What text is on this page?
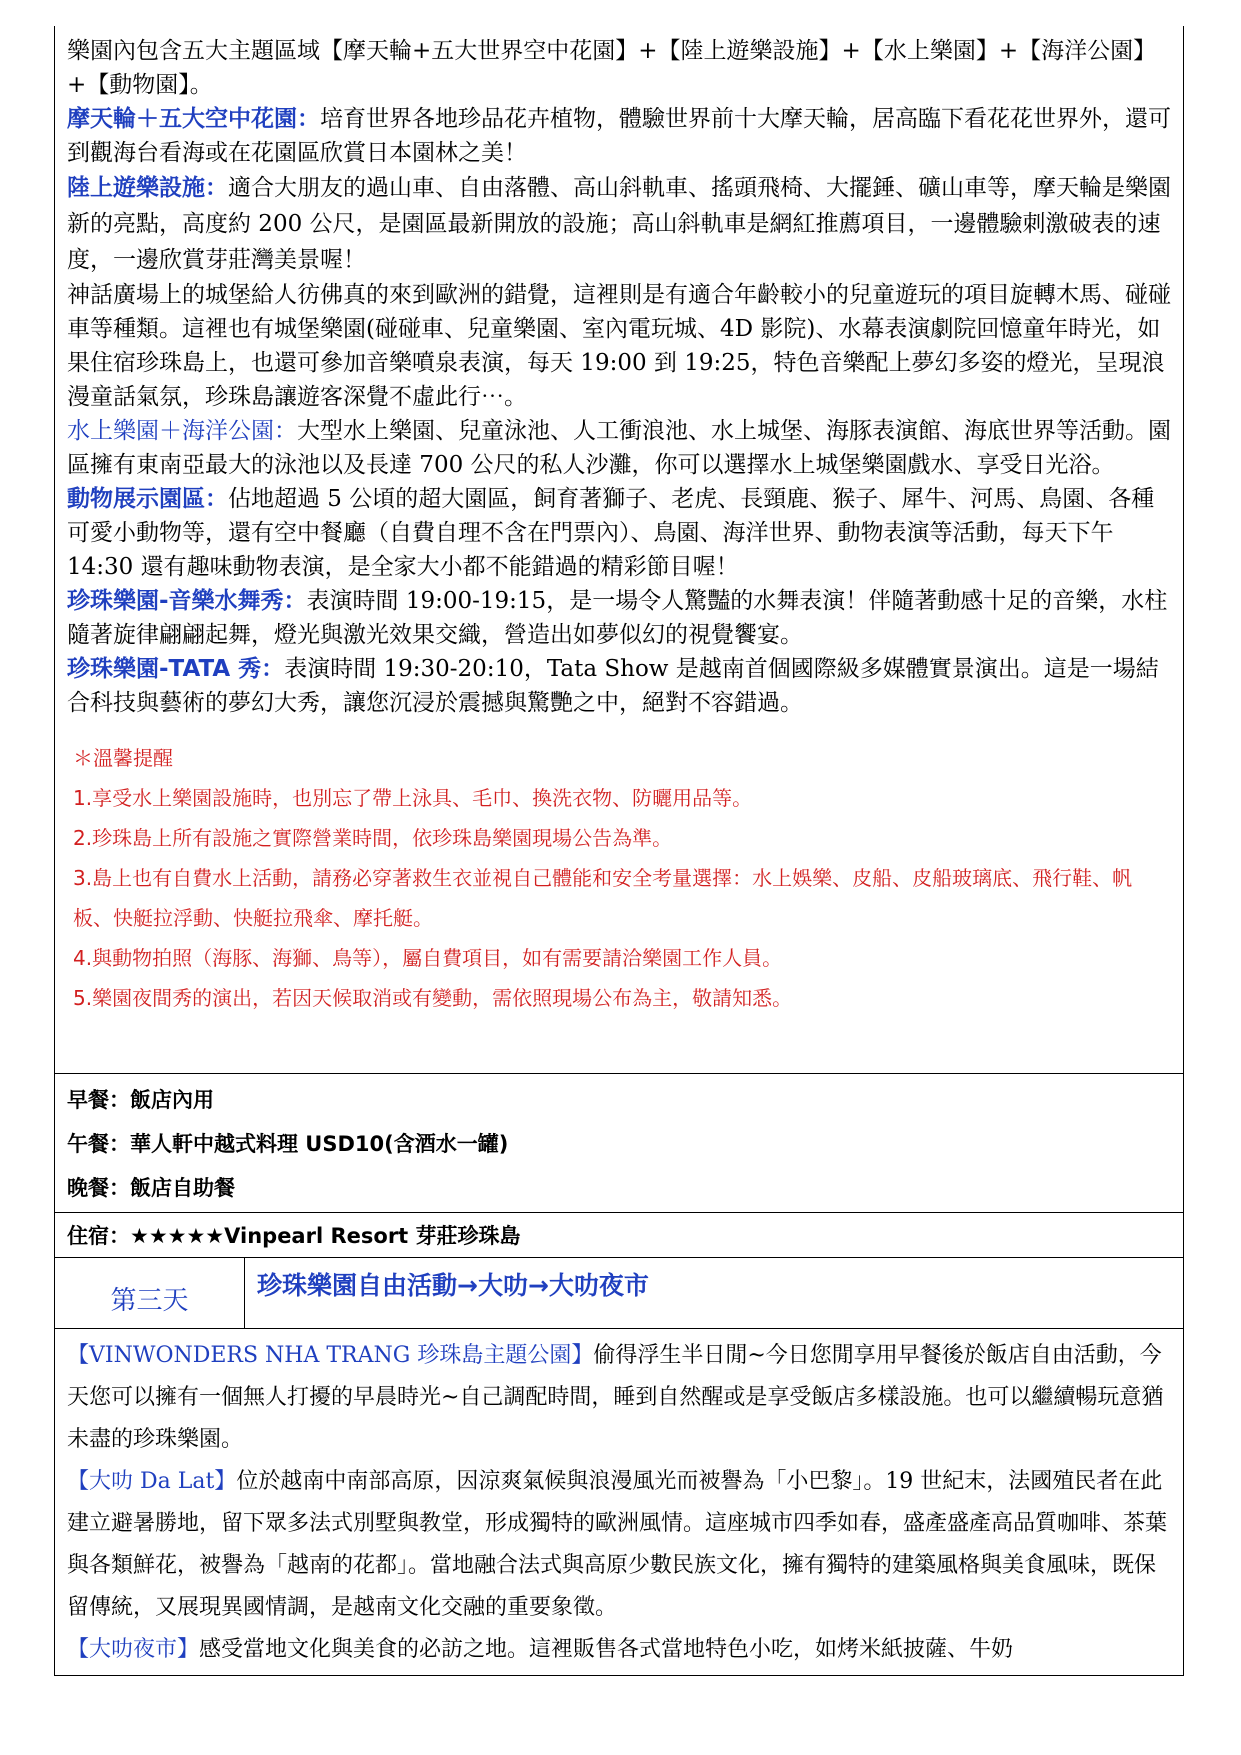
樂園內包含五大主題區域【摩天輪+五大世界空中花園】+【陸上遊樂設施】+【水上樂園】+【海洋公園】+【動物園】。

摩天輪＋五大空中花園：培育世界各地珍品花卉植物，體驗世界前十大摩天輪，居高臨下看花花世界外，還可到觀海台看海或在花園區欣賞日本園林之美！

陸上遊樂設施：適合大朋友的過山車、自由落體、高山斜軌車、搖頭飛椅、大擺錘、礦山車等，摩天輪是樂園新的亮點，高度約 200 公尺，是園區最新開放的設施；高山斜軌車是網紅推薦項目，一邊體驗刺激破表的速度，一邊欣賞芽莊灣美景喔！

神話廣場上的城堡給人彷佛真的來到歐洲的錯覺，這裡則是有適合年齡較小的兒童遊玩的項目旋轉木馬、碰碰車等種類。這裡也有城堡樂園(碰碰車、兒童樂園、室內電玩城、4D 影院)、水幕表演劇院回憶童年時光，如果住宿珍珠島上，也還可參加音樂噴泉表演，每天 19:00 到 19:25，特色音樂配上夢幻多姿的燈光，呈現浪漫童話氣氛，珍珠島讓遊客深覺不虛此行⋯。

水上樂園＋海洋公園：大型水上樂園、兒童泳池、人工衝浪池、水上城堡、海豚表演館、海底世界等活動。園區擁有東南亞最大的泳池以及長達 700 公尺的私人沙灘，你可以選擇水上城堡樂園戲水、享受日光浴。

動物展示園區：佔地超過 5 公頃的超大園區，飼育著獅子、老虎、長頸鹿、猴子、犀牛、河馬、鳥園、各種可愛小動物等，還有空中餐廳（自費自理不含在門票內）、鳥園、海洋世界、動物表演等活動，每天下午 14:30 還有趣味動物表演，是全家大小都不能錯過的精彩節目喔！

珍珠樂園-音樂水舞秀：表演時間 19:00-19:15，是一場令人驚豔的水舞表演！伴隨著動感十足的音樂，水柱隨著旋律翩翩起舞，燈光與激光效果交織，營造出如夢似幻的視覺饗宴。

珍珠樂園-TATA 秀：表演時間 19:30-20:10，Tata Show 是越南首個國際級多媒體實景演出。這是一場結合科技與藝術的夢幻大秀，讓您沉浸於震撼與驚艷之中，絕對不容錯過。

＊溫馨提醒

1.享受水上樂園設施時，也別忘了帶上泳具、毛巾、換洗衣物、防曬用品等。

2.珍珠島上所有設施之實際營業時間，依珍珠島樂園現場公告為準。

3.島上也有自費水上活動，請務必穿著救生衣並視自己體能和安全考量選擇：水上娛樂、皮船、皮船玻璃底、飛行鞋、帆板、快艇拉浮動、快艇拉飛傘、摩托艇。

4.與動物拍照（海豚、海獅、鳥等），屬自費項目，如有需要請洽樂園工作人員。

5.樂園夜間秀的演出，若因天候取消或有變動，需依照現場公布為主，敬請知悉。

早餐：飯店內用
午餐：華人軒中越式料理 USD10(含酒水一罐)
晚餐：飯店自助餐
住宿：★★★★★Vinpearl Resort 芽莊珍珠島
第三天	珍珠樂園自由活動→大叻→大叻夜市

【VINWONDERS NHA TRANG 珍珠島主題公園】偷得浮生半日閒~今日您閒享用早餐後於飯店自由活動，今天您可以擁有一個無人打擾的早晨時光~自己調配時間，睡到自然醒或是享受飯店多樣設施。也可以繼續暢玩意猶未盡的珍珠樂園。

【大叻 Da Lat】位於越南中南部高原，因涼爽氣候與浪漫風光而被譽為「小巴黎」。19 世紀末，法國殖民者在此建立避暑勝地，留下眾多法式別墅與教堂，形成獨特的歐洲風情。這座城市四季如春，盛產盛產高品質咖啡、茶葉與各類鮮花，被譽為「越南的花都」。當地融合法式與高原少數民族文化，擁有獨特的建築風格與美食風味，既保留傳統，又展現異國情調，是越南文化交融的重要象徵。

【大叻夜市】感受當地文化與美食的必訪之地。這裡販售各式當地特色小吃，如烤米紙披薩、牛奶
